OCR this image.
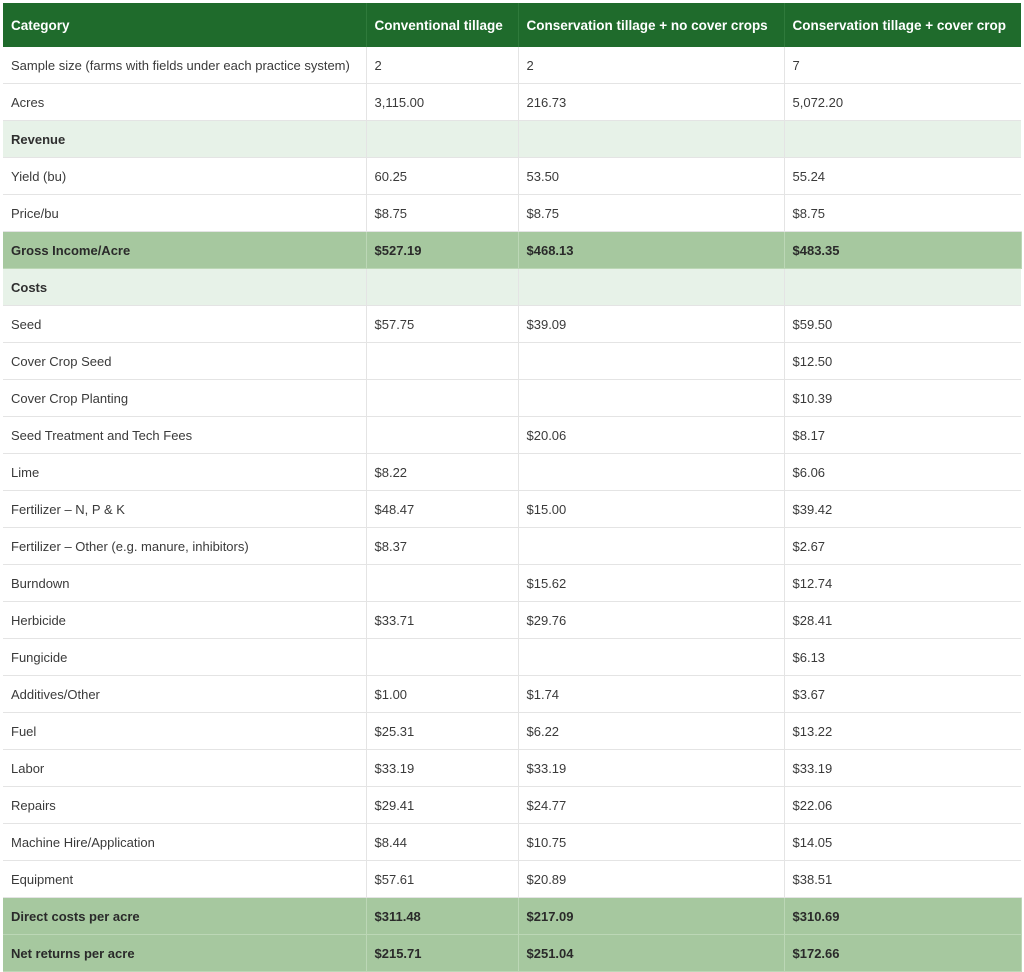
Category	Conventional tillage	Conservation tillage + no cover crops	Conservation tillage + cover crop
Sample size (farms with fields under each practice system)	2	2	7
Acres	3,115.00	216.73	5,072.20
Revenue			
Yield (bu)	60.25	53.50	55.24
Price/bu	$8.75	$8.75	$8.75
Gross Income/Acre	$527.19	$468.13	$483.35
Costs			
Seed	$57.75	$39.09	$59.50
Cover Crop Seed			$12.50
Cover Crop Planting			$10.39
Seed Treatment and Tech Fees		$20.06	$8.17
Lime	$8.22		$6.06
Fertilizer – N, P & K	$48.47	$15.00	$39.42
Fertilizer – Other (e.g. manure, inhibitors)	$8.37		$2.67
Burndown		$15.62	$12.74
Herbicide	$33.71	$29.76	$28.41
Fungicide			$6.13
Additives/Other	$1.00	$1.74	$3.67
Fuel	$25.31	$6.22	$13.22
Labor	$33.19	$33.19	$33.19
Repairs	$29.41	$24.77	$22.06
Machine Hire/Application	$8.44	$10.75	$14.05
Equipment	$57.61	$20.89	$38.51
Direct costs per acre	$311.48	$217.09	$310.69
Net returns per acre	$215.71	$251.04	$172.66
